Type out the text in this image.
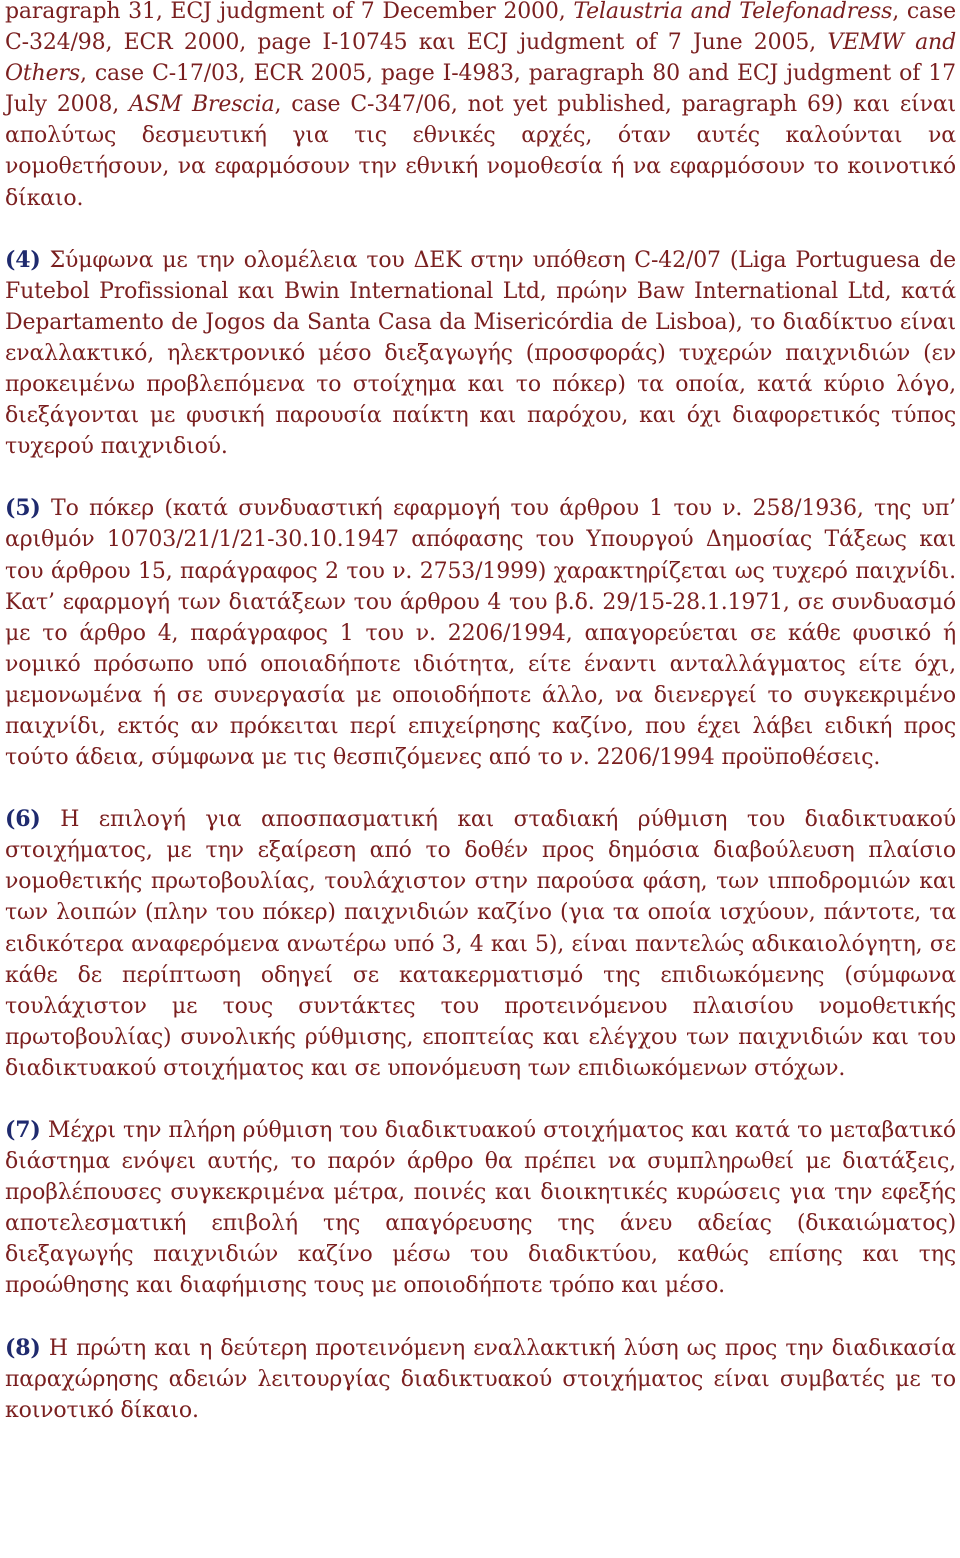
paragraph 31, ECJ judgment of 7 December 2000, Telaustria and Telefonadress, case C-324/98, ECR 2000, page I-10745 και ECJ judgment of 7 June 2005, VEMW and Others, case C-17/03, ECR 2005, page I-4983, paragraph 80 and ECJ judgment of 17 July 2008, ASM Brescia, case C-347/06, not yet published, paragraph 69) και είναι απολύτως δεσμευτική για τις εθνικές αρχές, όταν αυτές καλούνται να νομοθετήσουν, να εφαρμόσουν την εθνική νομοθεσία ή να εφαρμόσουν το κοινοτικό δίκαιο.

(4) Σύμφωνα με την ολομέλεια του ΔΕΚ στην υπόθεση C-42/07 (Liga Portuguesa de Futebol Profissional και Bwin International Ltd, πρώην Baw International Ltd, κατά Departamento de Jogos da Santa Casa da Misericórdia de Lisboa), το διαδίκτυο είναι εναλλακτικό, ηλεκτρονικό μέσο διεξαγωγής (προσφοράς) τυχερών παιχνιδιών (εν προκειμένω προβλεπόμενα το στοίχημα και το πόκερ) τα οποία, κατά κύριο λόγο, διεξάγονται με φυσική παρουσία παίκτη και παρόχου, και όχι διαφορετικός τύπος τυχερού παιχνιδιού.

(5) Το πόκερ (κατά συνδυαστική εφαρμογή του άρθρου 1 του ν. 258/1936, της υπ’ αριθμόν 10703/21/1/21-30.10.1947 απόφασης του Υπουργού Δημοσίας Τάξεως και του άρθρου 15, παράγραφος 2 του ν. 2753/1999) χαρακτηρίζεται ως τυχερό παιχνίδι. Κατ’ εφαρμογή των διατάξεων του άρθρου 4 του β.δ. 29/15-28.1.1971, σε συνδυασμό με το άρθρο 4, παράγραφος 1 του ν. 2206/1994, απαγορεύεται σε κάθε φυσικό ή νομικό πρόσωπο υπό οποιαδήποτε ιδιότητα, είτε έναντι ανταλλάγματος είτε όχι, μεμονωμένα ή σε συνεργασία με οποιοδήποτε άλλο, να διενεργεί το συγκεκριμένο παιχνίδι, εκτός αν πρόκειται περί επιχείρησης καζίνο, που έχει λάβει ειδική προς τούτο άδεια, σύμφωνα με τις θεσπιζόμενες από το ν. 2206/1994 προϋποθέσεις.

(6) Η επιλογή για αποσπασματική και σταδιακή ρύθμιση του διαδικτυακού στοιχήματος, με την εξαίρεση από το δοθέν προς δημόσια διαβούλευση πλαίσιο νομοθετικής πρωτοβουλίας, τουλάχιστον στην παρούσα φάση, των ιπποδρομιών και των λοιπών (πλην του πόκερ) παιχνιδιών καζίνο (για τα οποία ισχύουν, πάντοτε, τα ειδικότερα αναφερόμενα ανωτέρω υπό 3, 4 και 5), είναι παντελώς αδικαιολόγητη, σε κάθε δε περίπτωση οδηγεί σε κατακερματισμό της επιδιωκόμενης (σύμφωνα τουλάχιστον με τους συντάκτες του προτεινόμενου πλαισίου νομοθετικής πρωτοβουλίας) συνολικής ρύθμισης, εποπτείας και ελέγχου των παιχνιδιών και του διαδικτυακού στοιχήματος και σε υπονόμευση των επιδιωκόμενων στόχων.

(7) Μέχρι την πλήρη ρύθμιση του διαδικτυακού στοιχήματος και κατά το μεταβατικό διάστημα ενόψει αυτής, το παρόν άρθρο θα πρέπει να συμπληρωθεί με διατάξεις, προβλέπουσες συγκεκριμένα μέτρα, ποινές και διοικητικές κυρώσεις για την εφεξής αποτελεσματική επιβολή της απαγόρευσης της άνευ αδείας (δικαιώματος) διεξαγωγής παιχνιδιών καζίνο μέσω του διαδικτύου, καθώς επίσης και της προώθησης και διαφήμισης τους με οποιοδήποτε τρόπο και μέσο.

(8) Η πρώτη και η δεύτερη προτεινόμενη εναλλακτική λύση ως προς την διαδικασία παραχώρησης αδειών λειτουργίας διαδικτυακού στοιχήματος είναι συμβατές με το κοινοτικό δίκαιο.
